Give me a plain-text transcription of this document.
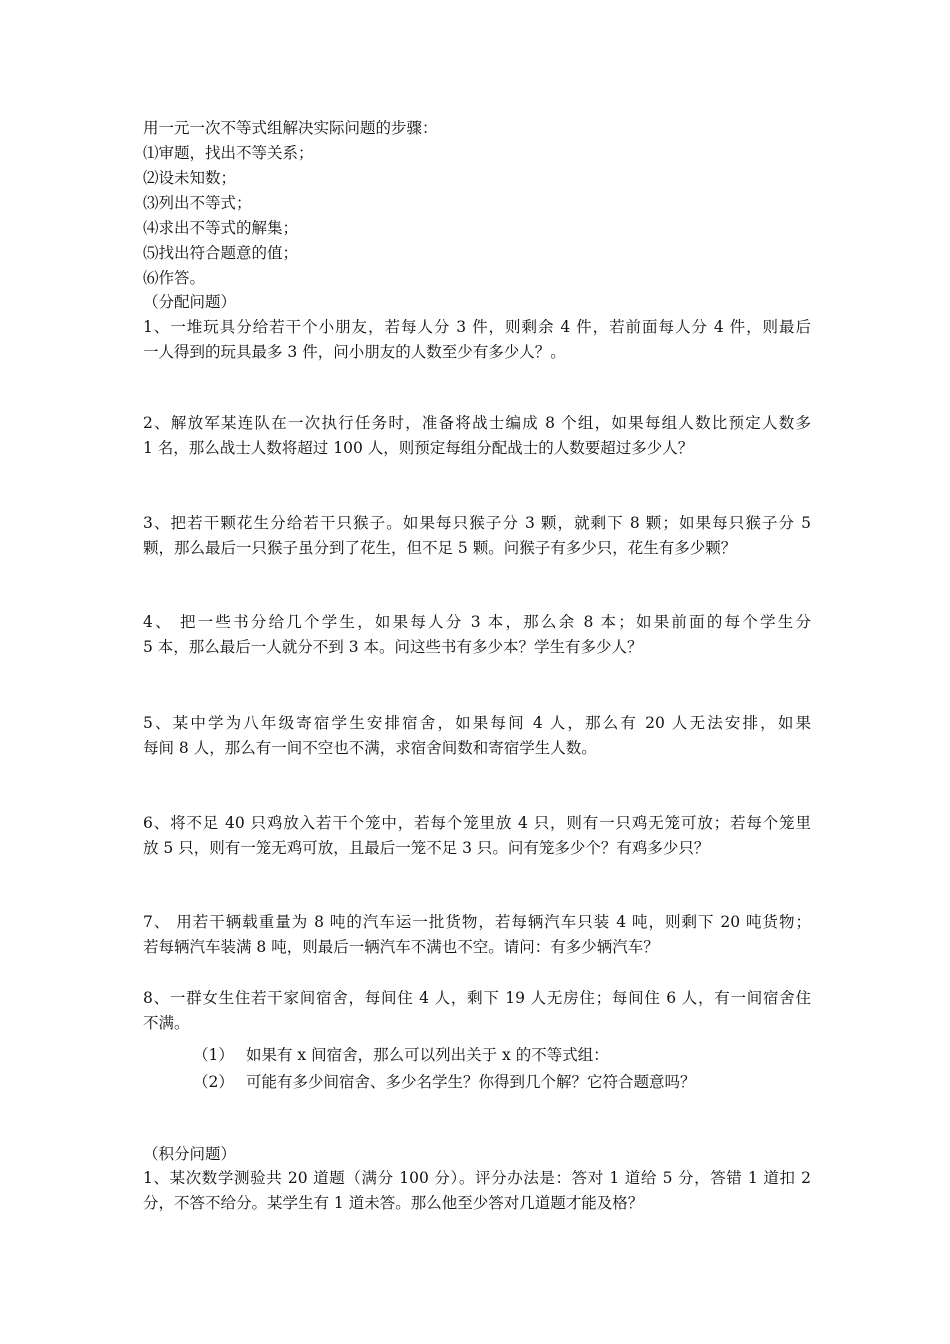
用一元一次不等式组解决实际问题的步骤：
⑴审题，找出不等关系；
⑵设未知数；
⑶列出不等式；
⑷求出不等式的解集；
⑸找出符合题意的值；
⑹作答。
（分配问题）
1、一堆玩具分给若干个小朋友，若每人分 3 件，则剩余 4 件，若前面每人分 4 件，则最后
一人得到的玩具最多 3 件，问小朋友的人数至少有多少人？。
2、解放军某连队在一次执行任务时，准备将战士编成 8 个组，如果每组人数比预定人数多
1 名，那么战士人数将超过 100 人，则预定每组分配战士的人数要超过多少人？
3、把若干颗花生分给若干只猴子。如果每只猴子分 3 颗，就剩下 8 颗；如果每只猴子分 5
颗，那么最后一只猴子虽分到了花生，但不足 5 颗。问猴子有多少只，花生有多少颗？
4、 把一些书分给几个学生，如果每人分 3 本，那么余 8 本；如果前面的每个学生分
5 本，那么最后一人就分不到 3 本。问这些书有多少本？学生有多少人？
5、某中学为八年级寄宿学生安排宿舍，如果每间 4 人，那么有 20 人无法安排，如果
每间 8 人，那么有一间不空也不满，求宿舍间数和寄宿学生人数。
6、将不足 40 只鸡放入若干个笼中，若每个笼里放 4 只，则有一只鸡无笼可放；若每个笼里
放 5 只，则有一笼无鸡可放，且最后一笼不足 3 只。问有笼多少个？有鸡多少只？
7、 用若干辆载重量为 8 吨的汽车运一批货物，若每辆汽车只装 4 吨，则剩下 20 吨货物；
若每辆汽车装满 8 吨，则最后一辆汽车不满也不空。请问：有多少辆汽车？
8、一群女生住若干家间宿舍，每间住 4 人，剩下 19 人无房住；每间住 6 人，有一间宿舍住
不满。
（1） 如果有 x 间宿舍，那么可以列出关于 x 的不等式组：
（2） 可能有多少间宿舍、多少名学生？你得到几个解？它符合题意吗？
（积分问题）
1、某次数学测验共 20 道题（满分 100 分）。评分办法是：答对 1 道给 5 分，答错 1 道扣 2
分，不答不给分。某学生有 1 道未答。那么他至少答对几道题才能及格？
